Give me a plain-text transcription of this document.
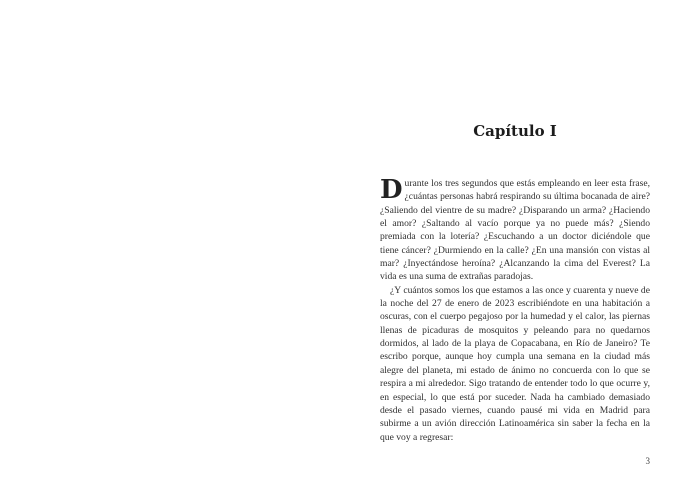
Capítulo I

Durante los tres segundos que estás empleando en leer esta frase, ¿cuántas personas habrá respirando su última bocanada de aire? ¿Saliendo del vientre de su madre? ¿Disparando un arma? ¿Haciendo el amor? ¿Saltando al vacío porque ya no puede más? ¿Siendo premiada con la lotería? ¿Escuchando a un doctor diciéndole que tiene cáncer? ¿Durmiendo en la calle? ¿En una mansión con vistas al mar? ¿Inyectándose heroína? ¿Alcanzando la cima del Everest? La vida es una suma de extrañas paradojas.

¿Y cuántos somos los que estamos a las once y cuarenta y nueve de la noche del 27 de enero de 2023 escribiéndote en una habitación a oscuras, con el cuerpo pegajoso por la humedad y el calor, las piernas llenas de picaduras de mosquitos y peleando para no quedarnos dormidos, al lado de la playa de Copacabana, en Río de Janeiro? Te escribo porque, aunque hoy cumpla una semana en la ciudad más alegre del planeta, mi estado de ánimo no concuerda con lo que se respira a mi alrededor. Sigo tratando de entender todo lo que ocurre y, en especial, lo que está por suceder. Nada ha cambiado demasiado desde el pasado viernes, cuando pausé mi vida en Madrid para subirme a un avión dirección Latinoamérica sin saber la fecha en la que voy a regresar:

3
